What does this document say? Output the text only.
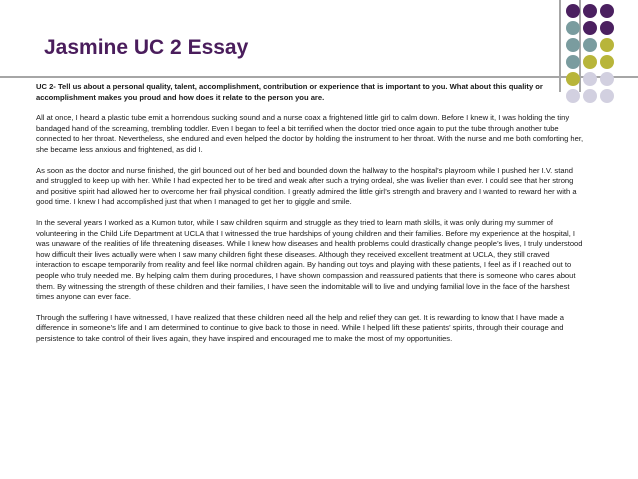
Jasmine UC 2 Essay

UC 2- Tell us about a personal quality, talent, accomplishment, contribution or experience that is important to you. What about this quality or accomplishment makes you proud and how does it relate to the person you are.

All at once, I heard a plastic tube emit a horrendous sucking sound and a nurse coax a frightened little girl to calm down. Before I knew it, I was holding the tiny bandaged hand of the screaming, trembling toddler. Even I began to feel a bit terrified when the doctor tried once again to put the tube through another tube connected to her throat. Nevertheless, she endured and even helped the doctor by holding the instrument to her throat. With the nurse and me both comforting her, she became less anxious and frightened, as did I.

As soon as the doctor and nurse finished, the girl bounced out of her bed and bounded down the hallway to the hospital’s playroom while I pushed her I.V. stand and struggled to keep up with her. While I had expected her to be tired and weak after such a trying ordeal, she was livelier than ever. I could see that her strong and positive spirit had allowed her to overcome her frail physical condition. I greatly admired the little girl’s strength and bravery and I wanted to reward her with a good time. I knew I had accomplished just that when I managed to get her to giggle and smile.

In the several years I worked as a Kumon tutor, while I saw children squirm and struggle as they tried to learn math skills, it was only during my summer of volunteering in the Child Life Department at UCLA that I witnessed the true hardships of young children and their families. Before my experience at the hospital, I was unaware of the realities of life threatening diseases. While I knew how diseases and health problems could drastically change people’s lives, I truly understood how difficult their lives actually were when I saw many children fight these diseases. Although they received excellent treatment at UCLA, they still craved interaction to escape temporarily from reality and feel like normal children again. By handing out toys and playing with these patients, I feel as if I reached out to people who truly needed me. By helping calm them during procedures, I have shown compassion and reassured patients that there is someone who cares about them. By witnessing the strength of these children and their families, I have seen the indomitable will to live and undying familial love in the face of the harshest times anyone can ever face.

Through the suffering I have witnessed, I have realized that these children need all the help and relief they can get. It is rewarding to know that I have made a difference in someone’s life and I am determined to continue to give back to those in need. While I helped lift these patients’ spirits, through their courage and persistence to take control of their lives again, they have inspired and encouraged me to make the most of my opportunities.
